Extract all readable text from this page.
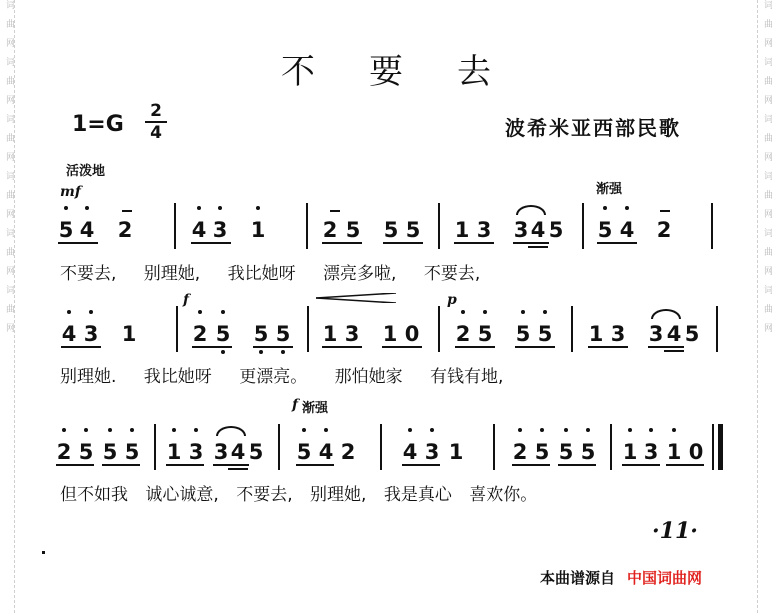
词曲网词曲网词曲网词曲网词曲网词曲网	词曲网词曲网词曲网词曲网词曲网词曲网
不要去
1=G
2
4	波希米亚西部民歌
活泼地
mf	渐强
5 4 2	4 3 1	2 5 5 5 1 3 3 4 5 5 4 2
不要去, 别理她, 我比她呀 漂亮多啦, 不要去,
f	p
4 3 1	2 5 5 5 1 3 1 0 2 5 5 5 1 3 3 4 5
别理她. 我比她呀 更漂亮。 那怕她家 有钱有地,
f 渐强
2 5 5 5 1 3 3 4 5 5 4 2 4 3 1 2 5 5 5 1 3 1 0
但不如我 诚心诚意, 不要去, 别理她, 我是真心 喜欢你。
·11·
本曲谱源自 中国词曲网
